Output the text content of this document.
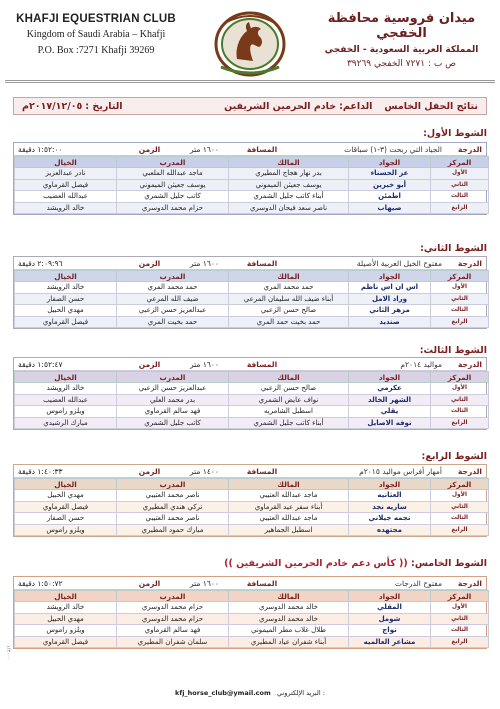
KHAFJI EQUESTRIAN CLUB
Kingdom of Saudi Arabia – Khafji
P.O. Box :7271 Khafji 39269
ميدان فروسية محافظة الخفجي
المملكة العربية السعودية - الخفجي
ص ب : ٧٢٧١ الخفجي ٣٩٢٦٩
نتائج الحفل الخامس
الداعم:
خادم الحرمين الشريفين
التاريخ :
٢٠١٧/١٢/٠٥م
الشوط الأول:
الدرجة
الجياد التي ربحت (٣-١) سباقات
المسافة
١٦٠٠ متر
الزمن
١:٥٢:٠٠ دقيقة
المركز	الجواد	المالك	المدرب	الخيال
الأول	عز الحسناء	بدر نهار هجاج المطيري	ماجد عبدالله الملعبي	نادر عبدالعزيز
الثاني	أبو خيرين	يوسف جعيثن الميموني	يوسف جعيثن الميموني	فيصل القرماوي
الثالث	اطمئن	أبناء كاتب جليل الشمري	كاتب جليل الشمري	عبدالله العضيب
الرابع	صيهاب	ناصر سعد فيحان الدوسري	حزام محمد الدوسري	خالد الرويشد
الشوط الثاني:
الدرجة
مفتوح الخيل العربية الأصيلة
المسافة
١٦٠٠ متر
الزمن
٢:٠٩:٩٦ دقيقة
المركز	الجواد	المالك	المدرب	الخيال
الأول	اس ان اس ناظم	حمد محمد المري	حمد محمد المري	خالد الرويشد
الثاني	وراد الامل	أبناء ضيف الله سليمان المرعي	ضيف الله المرعي	حسن الصفار
الثالث	مزهر الثاني	صالح حسن الزعبي	عبدالعزيز حسن الزعبي	مهدي الحبيل
الرابع	صنديد	حمد بخيت حمد المري	حمد بخيت المري	فيصل القرماوي
الشوط الثالث:
الدرجة
مواليد ٢٠١٤م
المسافة
١٦٠٠ متر
الزمن
١:٥٢:٤٧ دقيقة
المركز	الجواد	المالك	المدرب	الخيال
الأول	عكرمي	صالح حسن الزعبي	عبدالعزيز حسن الزعبي	خالد الرويشد
الثاني	الشهر الخالد	نواف عايض الشمري	بدر محمد العلي	عبدالله العضيب
الثالث	يقلي	اسطبل الشامريه	فهد سالم القرماوي	ويلزو راموس
الرابع	نوفه الاصايل	أبناء كاتب جليل الشمري	كاتب جليل الشمري	مبارك الرشيدي
الشوط الرابع:
الدرجة
أمهار أفراس مواليد ٢٠١٥م
المسافة
١٤٠٠ متر
الزمن
١:٤٠:٣٣ دقيقة
المركز	الجواد	المالك	المدرب	الخيال
الأول	العثانيه	ماجد عبدالله العتيبي	ناصر محمد العتيبي	مهدي الحبيل
الثاني	ساريه نجد	أبناء سفر عيد القرماوي	تركي هندي المطيري	فيصل القرماوي
الثالث	نجمه جيلاني	ماجد عبدالله العتيبي	ناصر محمد العتيبي	حسن الصفار
الرابع	مجتهده	اسطبل الجماهير	مبارك حمود المطيري	ويلزو راموس
الشوط الخامس: (( كأس دعم خادم الحرمين الشريفين ))
الدرجة
مفتوح الدرجات
المسافة
١٦٠٠ متر
الزمن
١:٥٠:٧٢ دقيقة
المركز	الجواد	المالك	المدرب	الخيال
الأول	المقلي	خالد محمد الدوسري	حزام محمد الدوسري	خالد الرويشد
الثاني	شومل	خالد محمد الدوسري	حزام محمد الدوسري	مهدي الحبيل
الثالث	نواج	طلال غلاب مطر الميموني	فهد سالم القرماوي	ويلزو راموس
الرابع	مشاعر العالميه	أبناء شفران عياد المطيري	سلمان شفران المطيري	فيصل القرماوي
١/٣٠٠٠
kfj_horse_club@ymail.com البريد الإلكتروني :
